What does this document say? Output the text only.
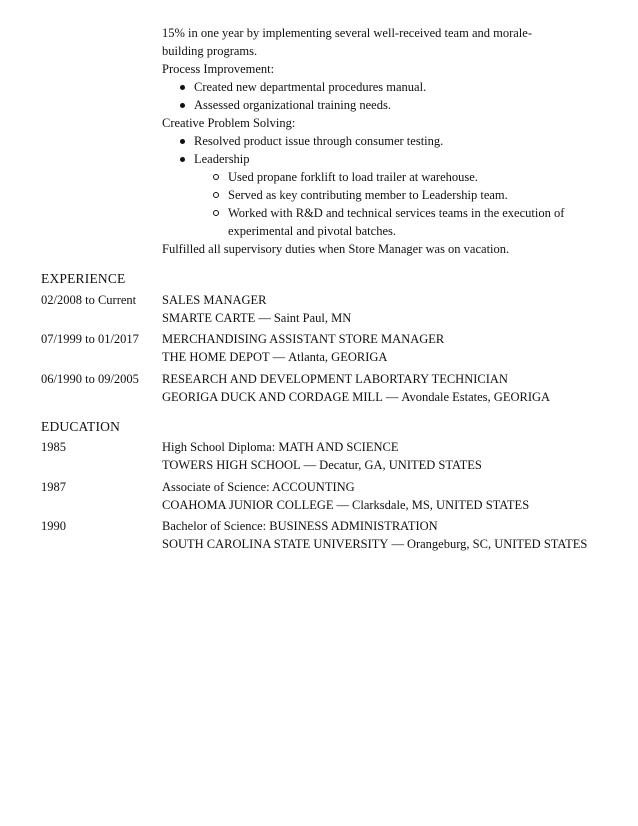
15% in one year by implementing several well-received team and morale-
building programs.
Process Improvement:
Created new departmental procedures manual.
Assessed organizational training needs.
Creative Problem Solving:
Resolved product issue through consumer testing.
Leadership
Used propane forklift to load trailer at warehouse.
Served as key contributing member to Leadership team.
Worked with R&D and technical services teams in the execution of experimental and pivotal batches.
Fulfilled all supervisory duties when Store Manager was on vacation.
EXPERIENCE
02/2008 to Current SALES MANAGER
SMARTE CARTE — Saint Paul, MN
07/1999 to 01/2017 MERCHANDISING ASSISTANT STORE MANAGER
THE HOME DEPOT — Atlanta, GEORIGA
06/1990 to 09/2005 RESEARCH AND DEVELOPMENT LABORTARY TECHNICIAN
GEORIGA DUCK AND CORDAGE MILL — Avondale Estates, GEORIGA
EDUCATION
1985	High School Diploma: MATH AND SCIENCE
TOWERS HIGH SCHOOL — Decatur, GA, UNITED STATES
1987	Associate of Science: ACCOUNTING
COAHOMA JUNIOR COLLEGE — Clarksdale, MS, UNITED STATES
1990	Bachelor of Science: BUSINESS ADMINISTRATION
SOUTH CAROLINA STATE UNIVERSITY — Orangeburg, SC, UNITED STATES
